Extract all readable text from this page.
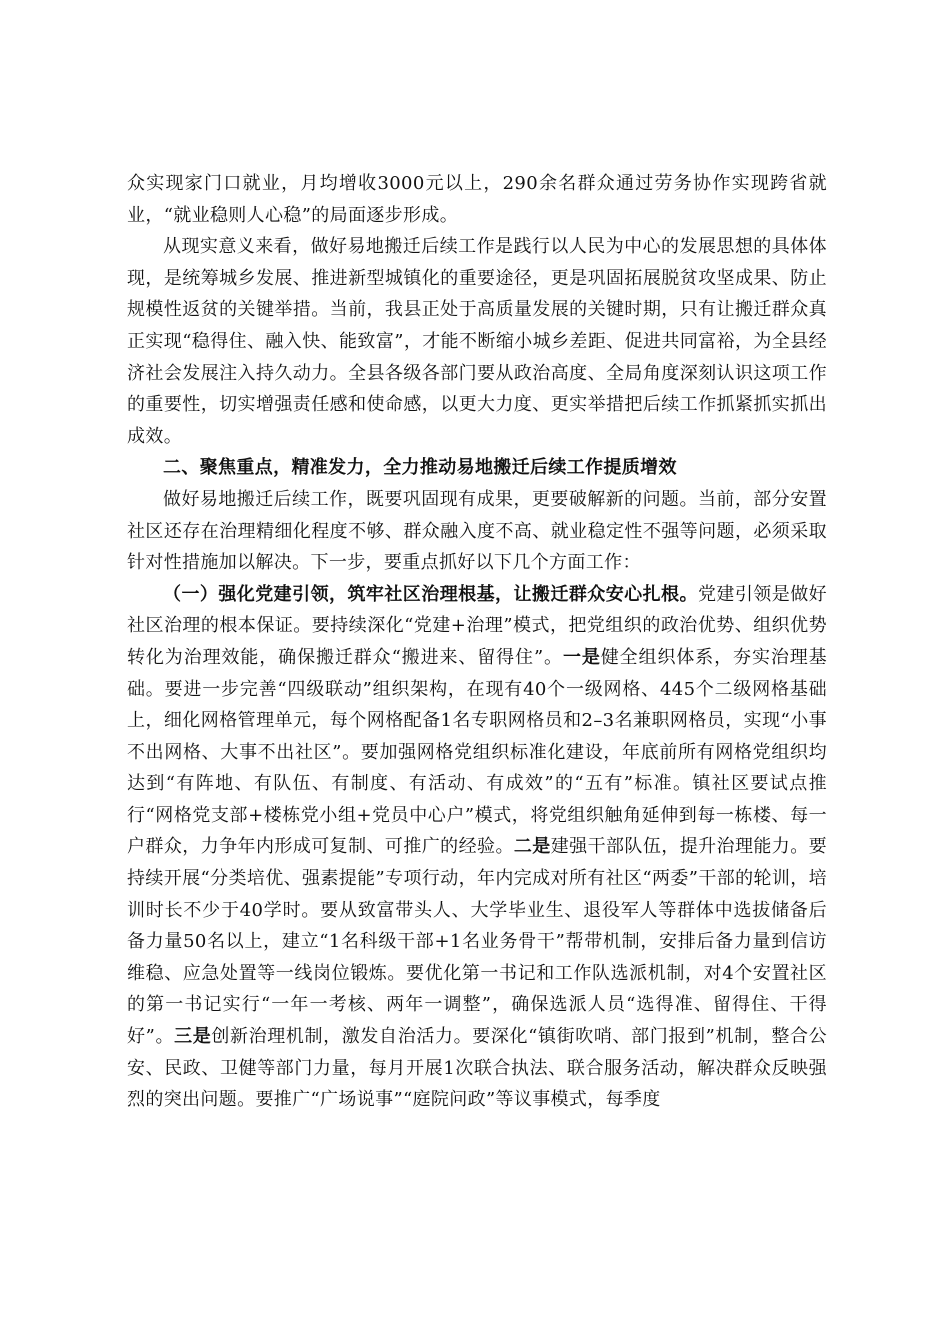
众实现家门口就业，月均增收3000元以上，290余名群众通过劳务协作实现跨省就业，“就业稳则人心稳”的局面逐步形成。

从现实意义来看，做好易地搬迁后续工作是践行以人民为中心的发展思想的具体体现，是统筹城乡发展、推进新型城镇化的重要途径，更是巩固拓展脱贫攻坚成果、防止规模性返贫的关键举措。当前，我县正处于高质量发展的关键时期，只有让搬迁群众真正实现“稳得住、融入快、能致富”，才能不断缩小城乡差距、促进共同富裕，为全县经济社会发展注入持久动力。全县各级各部门要从政治高度、全局角度深刻认识这项工作的重要性，切实增强责任感和使命感，以更大力度、更实举措把后续工作抓紧抓实抓出成效。

二、聚焦重点，精准发力，全力推动易地搬迁后续工作提质增效

做好易地搬迁后续工作，既要巩固现有成果，更要破解新的问题。当前，部分安置社区还存在治理精细化程度不够、群众融入度不高、就业稳定性不强等问题，必须采取针对性措施加以解决。下一步，要重点抓好以下几个方面工作：

（一）强化党建引领，筑牢社区治理根基，让搬迁群众安心扎根。党建引领是做好社区治理的根本保证。要持续深化“党建+治理”模式，把党组织的政治优势、组织优势转化为治理效能，确保搬迁群众“搬进来、留得住”。一是健全组织体系，夯实治理基础。要进一步完善“四级联动”组织架构，在现有40个一级网格、445个二级网格基础上，细化网格管理单元，每个网格配备1名专职网格员和2–3名兼职网格员，实现“小事不出网格、大事不出社区”。要加强网格党组织标准化建设，年底前所有网格党组织均达到“有阵地、有队伍、有制度、有活动、有成效”的“五有”标准。镇社区要试点推行“网格党支部+楼栋党小组+党员中心户”模式，将党组织触角延伸到每一栋楼、每一户群众，力争年内形成可复制、可推广的经验。二是建强干部队伍，提升治理能力。要持续开展“分类培优、强素提能”专项行动，年内完成对所有社区“两委”干部的轮训，培训时长不少于40学时。要从致富带头人、大学毕业生、退役军人等群体中选拔储备后备力量50名以上，建立“1名科级干部+1名业务骨干”帮带机制，安排后备力量到信访维稳、应急处置等一线岗位锻炼。要优化第一书记和工作队选派机制，对4个安置社区的第一书记实行“一年一考核、两年一调整”，确保选派人员“选得准、留得住、干得好”。三是创新治理机制，激发自治活力。要深化“镇街吹哨、部门报到”机制，整合公安、民政、卫健等部门力量，每月开展1次联合执法、联合服务活动，解决群众反映强烈的突出问题。要推广“广场说事”“庭院问政”等议事模式，每季度
